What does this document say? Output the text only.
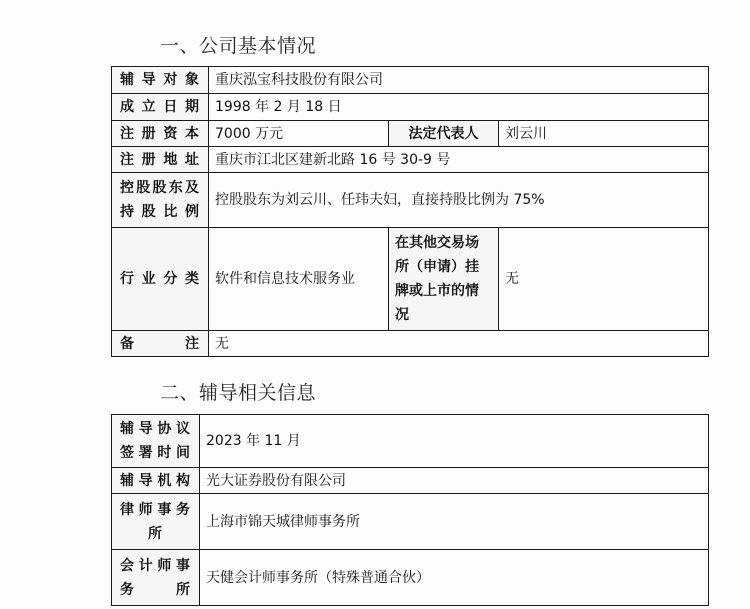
一、公司基本情况
辅 导 对 象	重庆泓宝科技股份有限公司		
成 立 日 期	1998 年 2 月 18 日		
注 册 资 本	7000 万元	法定代表人	刘云川
注 册 地 址	重庆市江北区建新北路 16 号 30-9 号		

控股股东及
持 股 比 例	控股股东为刘云川、任玮夫妇，直接持股比例为 75%		
行 业 分 类	软件和信息技术服务业	在其他交易场所（申请）挂牌或上市的情况	无
备 注	无		
二、辅导相关信息
辅导协议
签署时间	2023 年 11 月
辅导机构	光大证券股份有限公司

律师事务
所	上海市锦天城律师事务所

会计师事
务 所	天健会计师事务所（特殊普通合伙）
